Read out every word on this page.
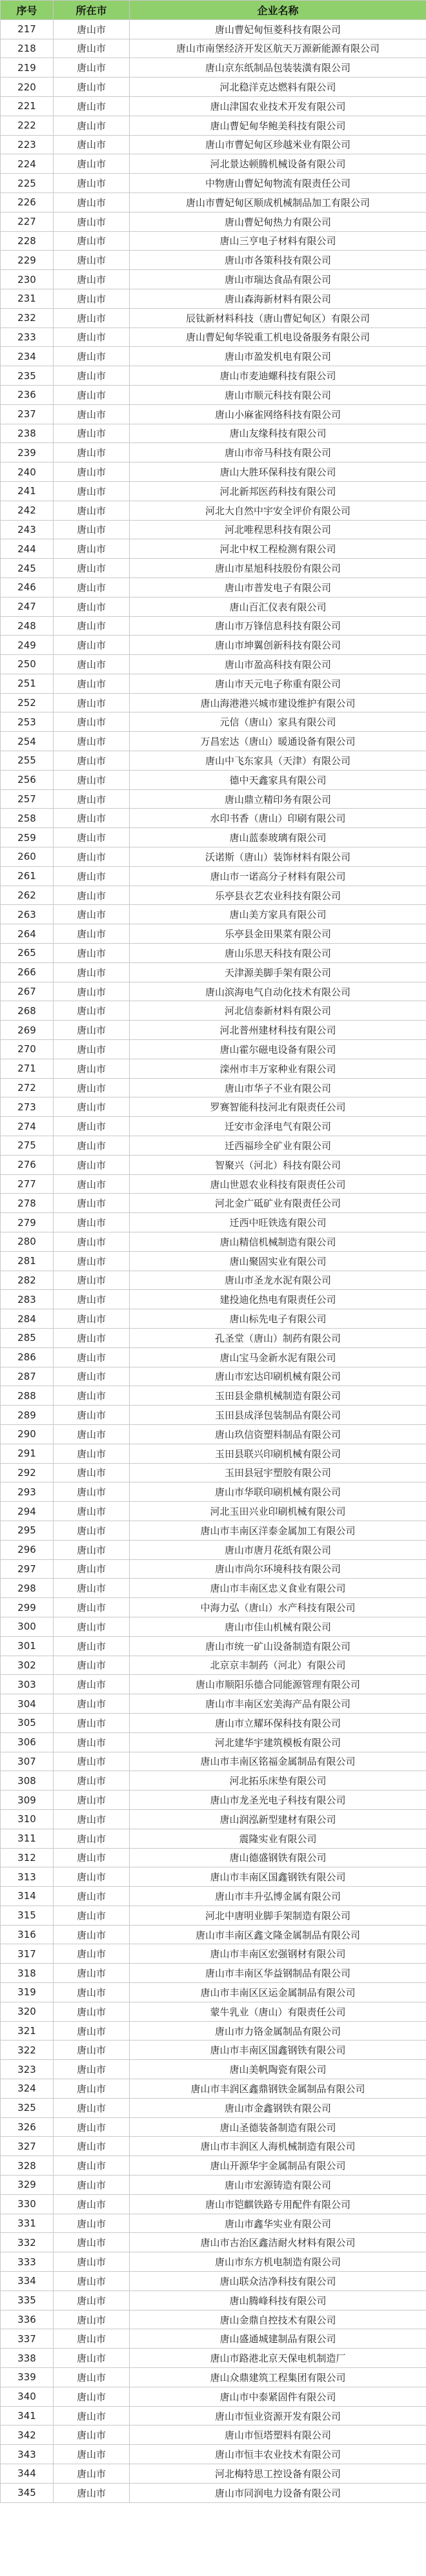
序号	所在市	企业名称
217	唐山市	唐山曹妃甸恒菱科技有限公司
218	唐山市	唐山市南堡经济开发区航天万源新能源有限公司
219	唐山市	唐山京东纸制品包装装潢有限公司
220	唐山市	河北稳洋克达燃料有限公司
221	唐山市	唐山津国农业技术开发有限公司
222	唐山市	唐山曹妃甸华鲍美科技有限公司
223	唐山市	唐山市曹妃甸区珍越米业有限公司
224	唐山市	河北景达顿腾机械设备有限公司
225	唐山市	中物唐山曹妃甸物流有限责任公司
226	唐山市	唐山市曹妃甸区顺成机械制品加工有限公司
227	唐山市	唐山曹妃甸热力有限公司
228	唐山市	唐山三亨电子材料有限公司
229	唐山市	唐山市各策科技有限公司
230	唐山市	唐山市瑞达食品有限公司
231	唐山市	唐山森海新材料有限公司
232	唐山市	辰钛新材料科技（唐山曹妃甸区）有限公司
233	唐山市	唐山曹妃甸华锐重工机电设备服务有限公司
234	唐山市	唐山市盈发机电有限公司
235	唐山市	唐山市麦迪螺科技有限公司
236	唐山市	唐山市顺元科技有限公司
237	唐山市	唐山小麻雀网络科技有限公司
238	唐山市	唐山友缘科技有限公司
239	唐山市	唐山市帝马科技有限公司
240	唐山市	唐山大胜环保科技有限公司
241	唐山市	河北新邦医药科技有限公司
242	唐山市	河北大自然中宇安全评价有限公司
243	唐山市	河北唯程思科技有限公司
244	唐山市	河北中权工程检测有限公司
245	唐山市	唐山市星旭科技股份有限公司
246	唐山市	唐山市普发电子有限公司
247	唐山市	唐山百汇仪表有限公司
248	唐山市	唐山市万锋信息科技有限公司
249	唐山市	唐山市坤翼创新科技有限公司
250	唐山市	唐山市盈高科技有限公司
251	唐山市	唐山市天元电子称重有限公司
252	唐山市	唐山海港港兴城市建设维护有限公司
253	唐山市	元信（唐山）家具有限公司
254	唐山市	万昌宏达（唐山）暖通设备有限公司
255	唐山市	唐山中飞东家具（天津）有限公司
256	唐山市	德中天鑫家具有限公司
257	唐山市	唐山鼎立精印务有限公司
258	唐山市	水印书香（唐山）印刷有限公司
259	唐山市	唐山蓝泰玻璃有限公司
260	唐山市	沃诺斯（唐山）装饰材料有限公司
261	唐山市	唐山市一诺高分子材料有限公司
262	唐山市	乐亭县衣艺农业科技有限公司
263	唐山市	唐山美方家具有限公司
264	唐山市	乐亭县金田果菜有限公司
265	唐山市	唐山乐思天科技有限公司
266	唐山市	天津源美脚手架有限公司
267	唐山市	唐山滨海电气自动化技术有限公司
268	唐山市	河北信泰新材料有限公司
269	唐山市	河北普州建材科技有限公司
270	唐山市	唐山霍尔磁电设备有限公司
271	唐山市	滦州市丰万家种业有限公司
272	唐山市	唐山市华子不业有限公司
273	唐山市	罗赛智能科技河北有限责任公司
274	唐山市	迁安市金泽电气有限公司
275	唐山市	迁西福珍全矿业有限公司
276	唐山市	智聚兴（河北）科技有限公司
277	唐山市	唐山世恩农业科技有限责任公司
278	唐山市	河北金广砥矿业有限责任公司
279	唐山市	迁西中旺铁选有限公司
280	唐山市	唐山精信机械制造有限公司
281	唐山市	唐山聚固实业有限公司
282	唐山市	唐山市圣龙水泥有限公司
283	唐山市	建投迪化热电有限责任公司
284	唐山市	唐山标先电子有限公司
285	唐山市	孔圣堂（唐山）制药有限公司
286	唐山市	唐山宝马金新水泥有限公司
287	唐山市	唐山市宏达印刷机械有限公司
288	唐山市	玉田县金鼎机械制造有限公司
289	唐山市	玉田县成泽包装制品有限公司
290	唐山市	唐山玖信资塑料制品有限公司
291	唐山市	玉田县联兴印刷机械有限公司
292	唐山市	玉田县冠宇塑胶有限公司
293	唐山市	唐山市华联印刷机械有限公司
294	唐山市	河北玉田兴业印刷机械有限公司
295	唐山市	唐山市丰南区洋泰金属加工有限公司
296	唐山市	唐山市唐月花纸有限公司
297	唐山市	唐山市尚尔环境科技有限公司
298	唐山市	唐山市丰南区忠义食业有限公司
299	唐山市	中海力弘（唐山）水产科技有限公司
300	唐山市	唐山市佳山机械有限公司
301	唐山市	唐山市统一矿山设备制造有限公司
302	唐山市	北京京丰制药（河北）有限公司
303	唐山市	唐山市顺阳乐德合同能源管理有限公司
304	唐山市	唐山市丰南区宏美海产品有限公司
305	唐山市	唐山市立耀环保科技有限公司
306	唐山市	河北建华宇建筑模板有限公司
307	唐山市	唐山市丰南区铭福金属制品有限公司
308	唐山市	河北拓乐床垫有限公司
309	唐山市	唐山市龙圣光电子科技有限公司
310	唐山市	唐山润泓新型建材有限公司
311	唐山市	震隆实业有限公司
312	唐山市	唐山德盛钢铁有限公司
313	唐山市	唐山市丰南区国鑫钢铁有限公司
314	唐山市	唐山市丰升弘博金属有限公司
315	唐山市	河北中唐明业脚手架制造有限公司
316	唐山市	唐山市丰南区鑫文隆金属制品有限公司
317	唐山市	唐山市丰南区宏强钢材有限公司
318	唐山市	唐山市丰南区华益钢制品有限公司
319	唐山市	唐山市丰南区区运金属制品有限公司
320	唐山市	蒙牛乳业（唐山）有限责任公司
321	唐山市	唐山市力铬金属制品有限公司
322	唐山市	唐山市丰南区国鑫钢铁有限公司
323	唐山市	唐山美帆陶瓷有限公司
324	唐山市	唐山市丰润区鑫鼎钢铁金属制品有限公司
325	唐山市	唐山市金鑫钢铁有限公司
326	唐山市	唐山圣德装备制造有限公司
327	唐山市	唐山市丰润区人海机械制造有限公司
328	唐山市	唐山开源华宇金属制品有限公司
329	唐山市	唐山市宏源铸造有限公司
330	唐山市	唐山市铠麒铁路专用配件有限公司
331	唐山市	唐山市鑫华实业有限公司
332	唐山市	唐山市古治区鑫洁耐火材料有限公司
333	唐山市	唐山市东方机电制造有限公司
334	唐山市	唐山联众洁净科技有限公司
335	唐山市	唐山腾峰科技有限公司
336	唐山市	唐山金鼎自控技术有限公司
337	唐山市	唐山盛通城建制品有限公司
338	唐山市	唐山市路港北京天保电机制造厂
339	唐山市	唐山众鼎建筑工程集团有限公司
340	唐山市	唐山市中泰紧固件有限公司
341	唐山市	唐山市恒业资源开发有限公司
342	唐山市	唐山市恒塔塑料有限公司
343	唐山市	唐山市恒丰农业技术有限公司
344	唐山市	河北梅特思工控设备有限公司
345	唐山市	唐山市同润电力设备有限公司
